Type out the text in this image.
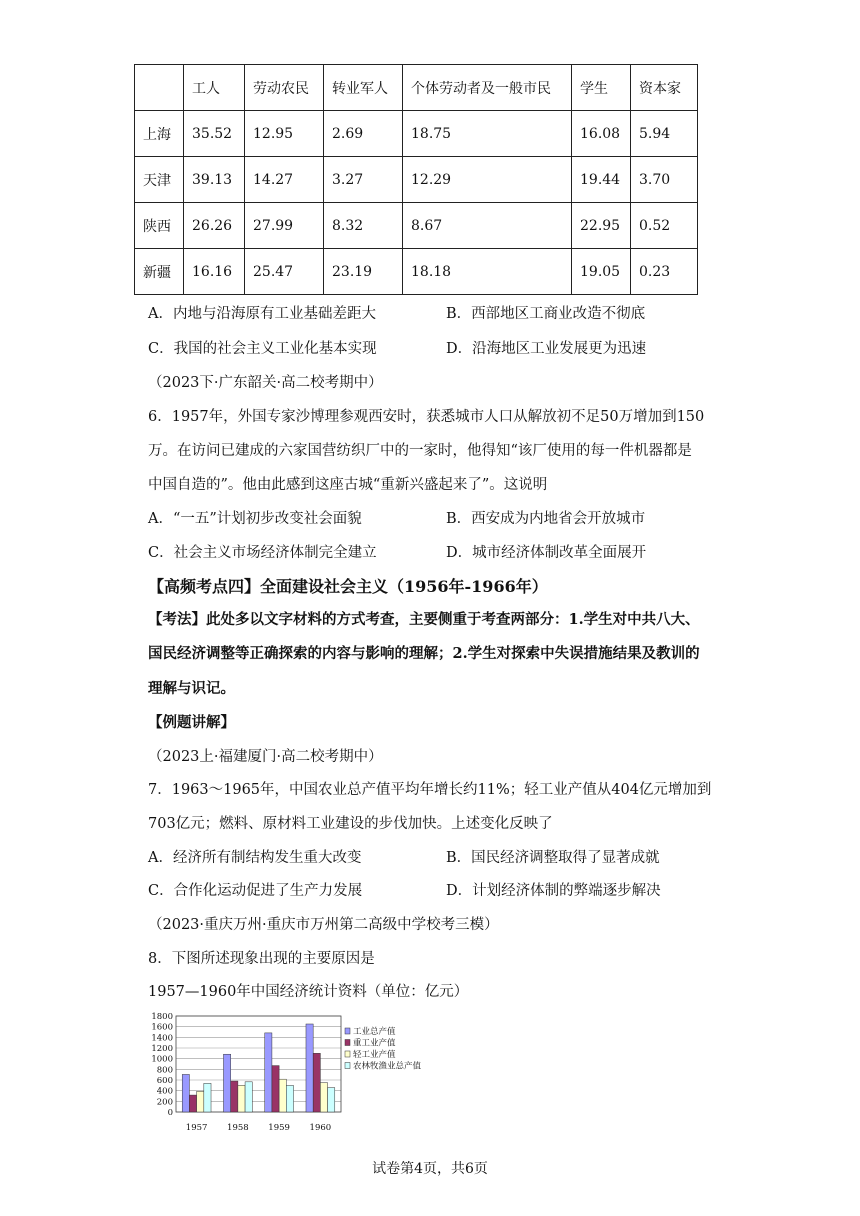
	工人	劳动农民	转业军人	个体劳动者及一般市民	学生	资本家
上海	35.52	12.95	2.69	18.75	16.08	5.94
天津	39.13	14.27	3.27	12.29	19.44	3.70
陕西	26.26	27.99	8.32	8.67	22.95	0.52
新疆	16.16	25.47	23.19	18.18	19.05	0.23
A．内地与沿海原有工业基础差距大	B．西部地区工商业改造不彻底
C．我国的社会主义工业化基本实现	D．沿海地区工业发展更为迅速
（2023下·广东韶关·高二校考期中）
6．1957年，外国专家沙博理参观西安时，获悉城市人口从解放初不足50万增加到150
万。在访问已建成的六家国营纺织厂中的一家时，他得知“该厂使用的每一件机器都是
中国自造的”。他由此感到这座古城“重新兴盛起来了”。这说明
A．“一五”计划初步改变社会面貌	B．西安成为内地省会开放城市
C．社会主义市场经济体制完全建立	D．城市经济体制改革全面展开
【高频考点四】全面建设社会主义（1956年-1966年）
【考法】此处多以文字材料的方式考查，主要侧重于考查两部分：1.学生对中共八大、
国民经济调整等正确探索的内容与影响的理解；2.学生对探索中失误措施结果及教训的
理解与识记。
【例题讲解】
（2023上·福建厦门·高二校考期中）
7．1963～1965年，中国农业总产值平均年增长约11%；轻工业产值从404亿元增加到
703亿元；燃料、原材料工业建设的步伐加快。上述变化反映了
A．经济所有制结构发生重大改变	B．国民经济调整取得了显著成就
C．合作化运动促进了生产力发展	D．计划经济体制的弊端逐步解决
（2023·重庆万州·重庆市万州第二高级中学校考三模）
8．下图所述现象出现的主要原因是
1957—1960年中国经济统计资料（单位：亿元）
1800
1600
1400
1200
1000
800
600
400
200
0
1957 1958 1959 1960
工业总产值
重工业产值
轻工业产值
农林牧渔业总产值
试卷第4页，共6页
